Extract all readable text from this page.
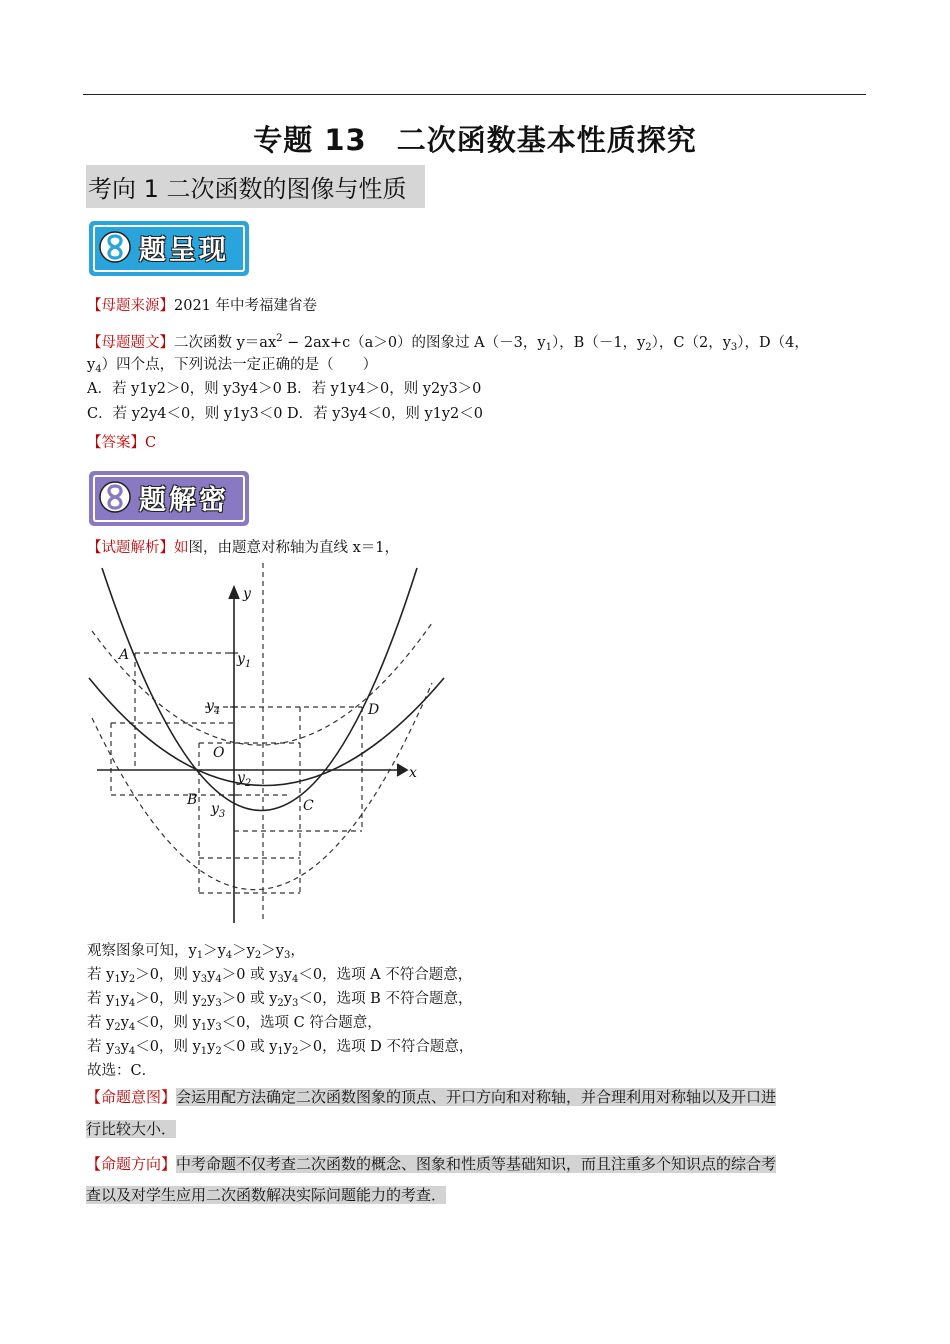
专题 13　二次函数基本性质探究
考向 1 二次函数的图像与性质
题呈现
【母题来源】2021 年中考福建省卷
【母题题文】二次函数 $y=ax^2 - 2ax+c(a>0)$的图象过 A（－3，$y_1$），B（－1，$y_2$），C（2，$y_3$），D（4，
$y_4$）四个点，下列说法一定正确的是（　　）
A．若 y1y2＞0，则 y3y4＞0 B．若 y1y4＞0，则 y2y3＞0
C．若 y2y4＜0，则 y1y3＜0 D．若 y3y4＜0，则 y1y2＜0
【答案】C
题解密
【试题解析】如图，由题意对称轴为直线 x＝1，
y
x
O
A
B	C
D
$y_1$
$y_4$
$y_2$
$y_3$
观察图象可知，$y_1>y_4>y_2>y_3$，
若 $y_1y_2>0$，则 $y_3y_4>0$ 或 $y_3y_4<0$，选项 A 不符合题意，
若 $y_1y_4>0$，则 $y_2y_3>0$ 或 $y_2y_3<0$，选项 B 不符合题意，
若 $y_2y_4<0$，则 $y_1y_3<0$，选项 C 符合题意，
若 $y_3y_4<0$，则 $y_1y_2<0$ 或 $y_1y_2>0$，选项 D 不符合题意，
故选：C．
【命题意图】会运用配方法确定二次函数图象的顶点、开口方向和对称轴，并合理利用对称轴以及开口进
行比较大小．
【命题方向】中考命题不仅考查二次函数的概念、图象和性质等基础知识，而且注重多个知识点的综合考
查以及对学生应用二次函数解决实际问题能力的考查．
